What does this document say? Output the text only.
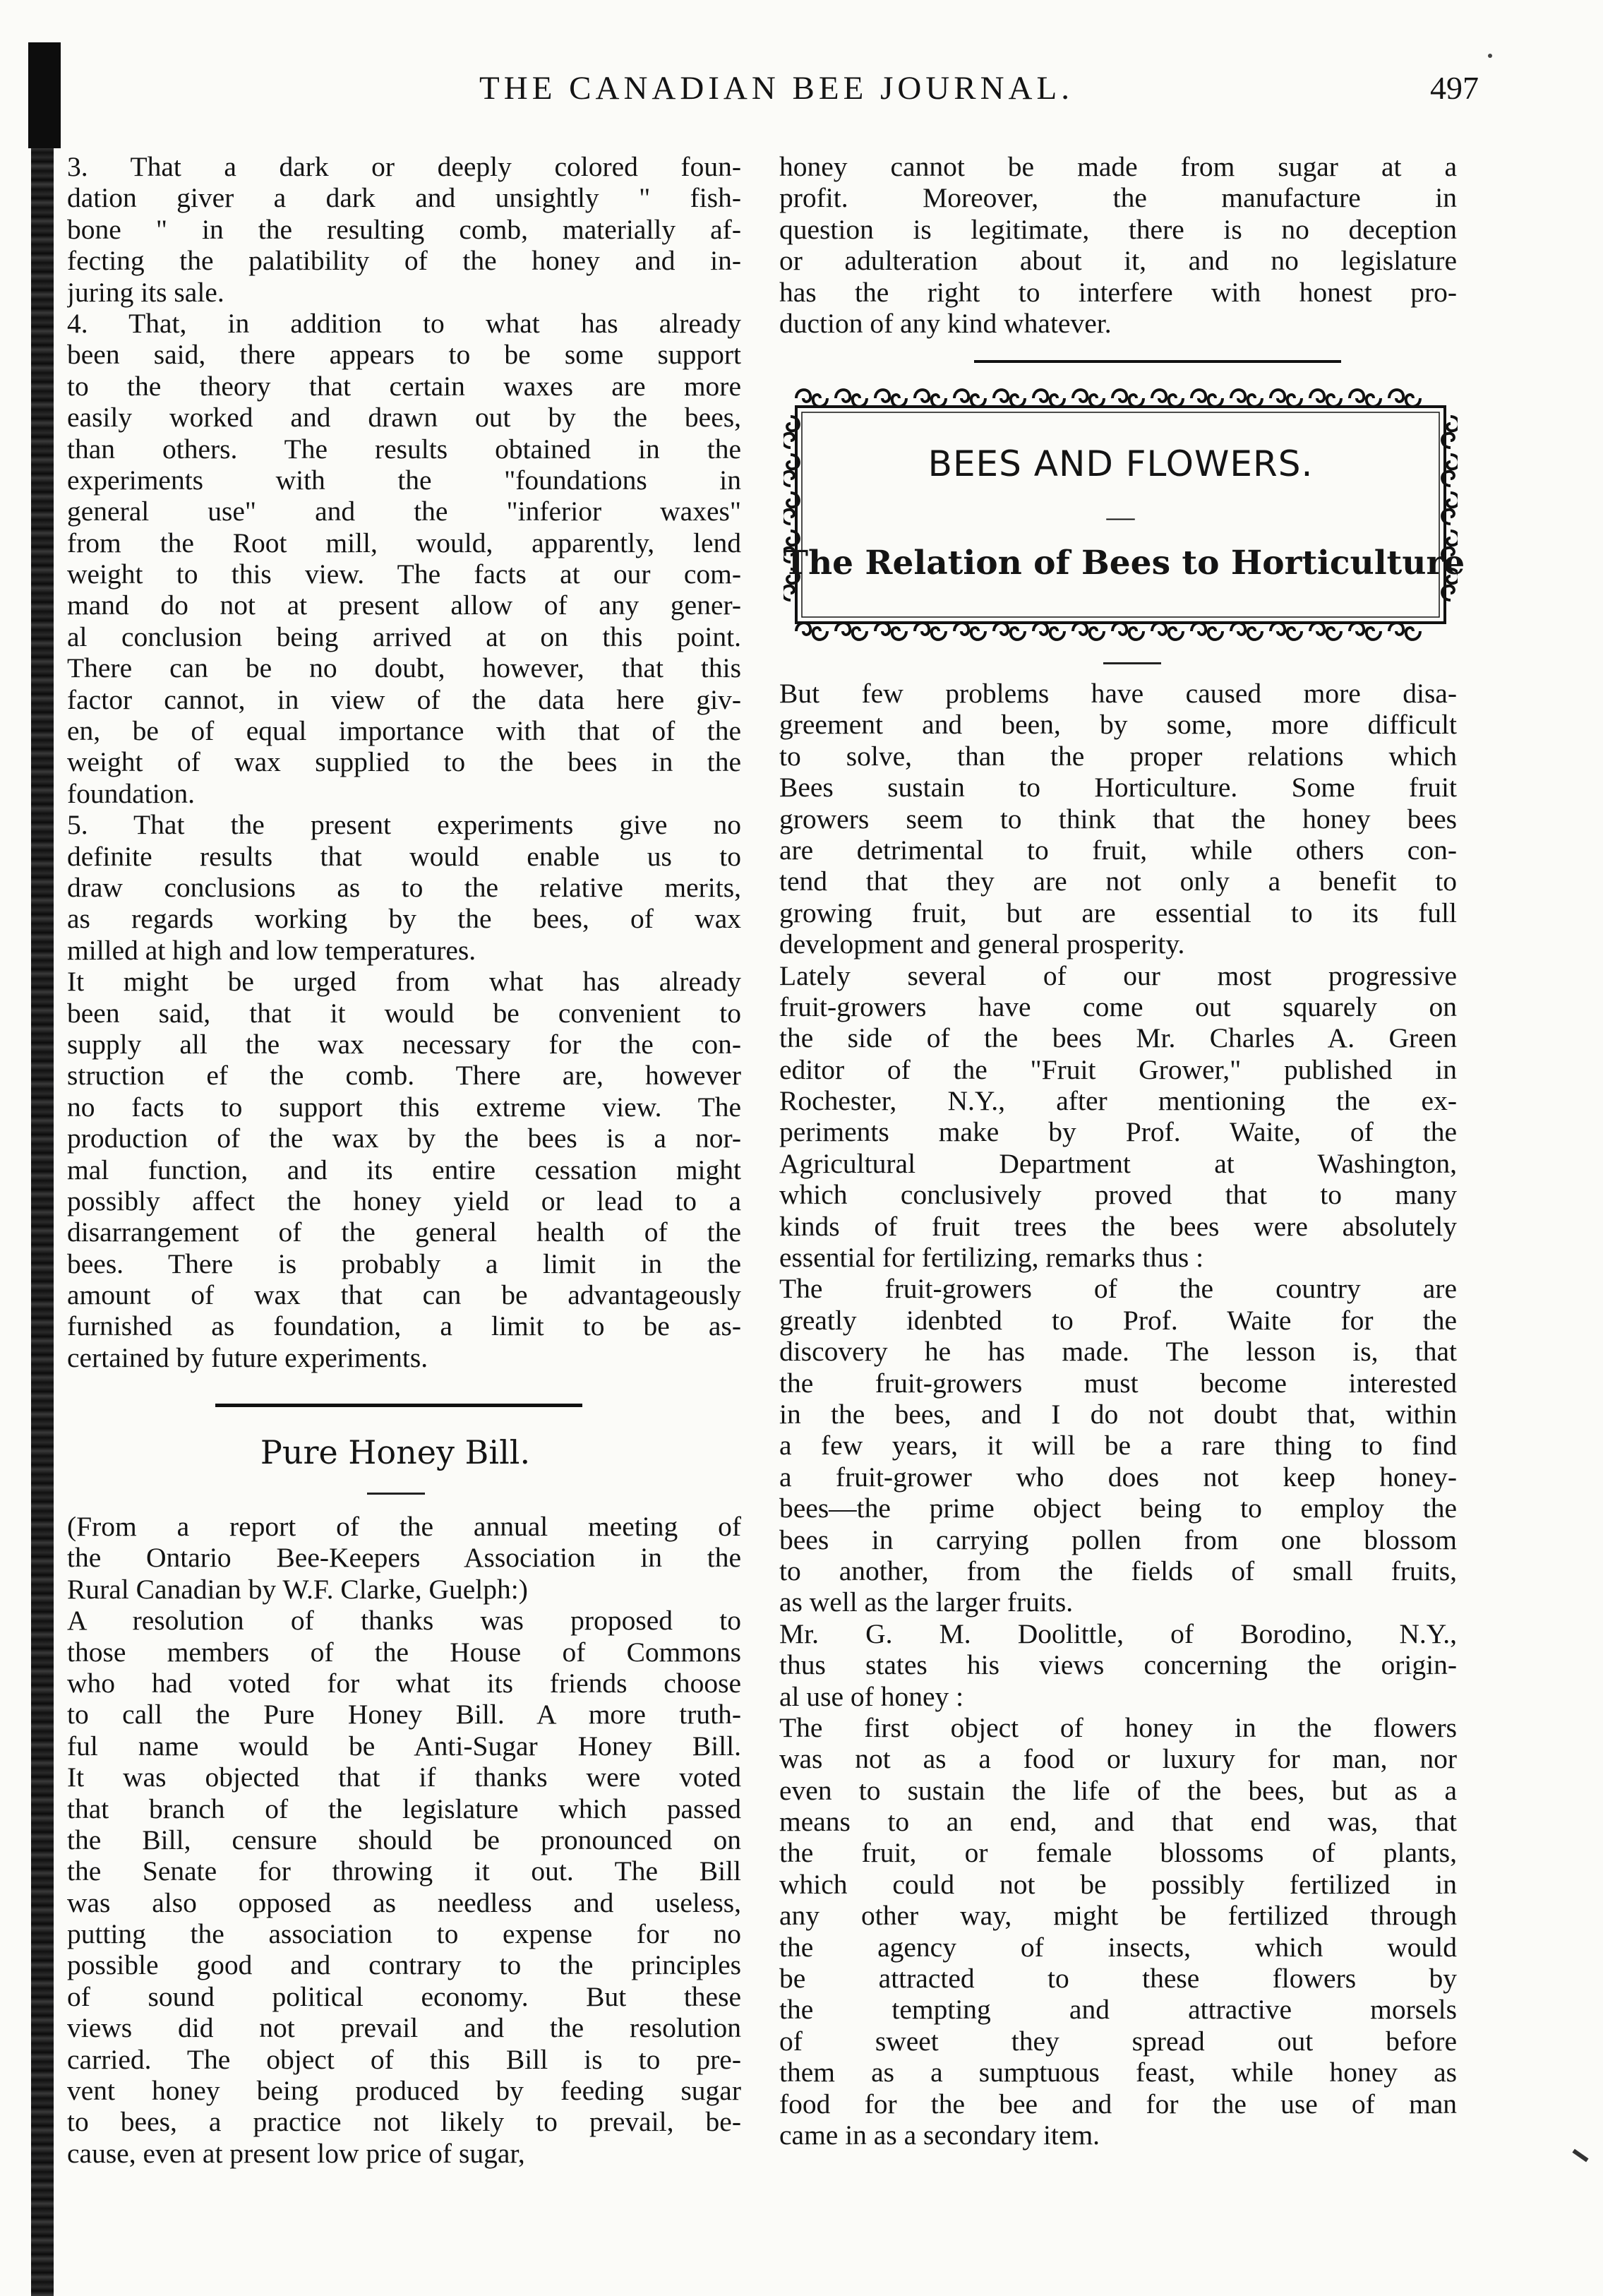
THE CANADIAN BEE JOURNAL.	497
3. That a dark or deeply colored foun-
dation giver a dark and unsightly " fish-
bone " in the resulting comb, materially af-
fecting the palatibility of the honey and in-
juring its sale.
4. That, in addition to what has already
been said, there appears to be some support
to the theory that certain waxes are more
easily worked and drawn out by the bees,
than others. The results obtained in the
experiments with the "foundations in
general use" and the "inferior waxes"
from the Root mill, would, apparently, lend
weight to this view. The facts at our com-
mand do not at present allow of any gener-
al conclusion being arrived at on this point.
There can be no doubt, however, that this
factor cannot, in view of the data here giv-
en, be of equal importance with that of the
weight of wax supplied to the bees in the
foundation.
5. That the present experiments give no
definite results that would enable us to
draw conclusions as to the relative merits,
as regards working by the bees, of wax
milled at high and low temperatures.
It might be urged from what has already
been said, that it would be convenient to
supply all the wax necessary for the con-
struction ef the comb. There are, however
no facts to support this extreme view. The
production of the wax by the bees is a nor-
mal function, and its entire cessation might
possibly affect the honey yield or lead to a
disarrangement of the general health of the
bees. There is probably a limit in the
amount of wax that can be advantageously
furnished as foundation, a limit to be as-
certained by future experiments.
Pure Honey Bill.
(From a report of the annual meeting of
the Ontario Bee-Keepers Association in the
Rural Canadian by W.F. Clarke, Guelph:)
A resolution of thanks was proposed to
those members of the House of Commons
who had voted for what its friends choose
to call the Pure Honey Bill. A more truth-
ful name would be Anti-Sugar Honey Bill.
It was objected that if thanks were voted
that branch of the legislature which passed
the Bill, censure should be pronounced on
the Senate for throwing it out. The Bill
was also opposed as needless and useless,
putting the association to expense for no
possible good and contrary to the principles
of sound political economy. But these
views did not prevail and the resolution
carried. The object of this Bill is to pre-
vent honey being produced by feeding sugar
to bees, a practice not likely to prevail, be-
cause, even at present low price of sugar,
honey cannot be made from sugar at a
profit. Moreover, the manufacture in
question is legitimate, there is no deception
or adulteration about it, and no legislature
has the right to interfere with honest pro-
duction of any kind whatever.
BEES AND FLOWERS.
—
The Relation of Bees to Horticulture
But few problems have caused more disa-
greement and been, by some, more difficult
to solve, than the proper relations which
Bees sustain to Horticulture. Some fruit
growers seem to think that the honey bees
are detrimental to fruit, while others con-
tend that they are not only a benefit to
growing fruit, but are essential to its full
development and general prosperity.
Lately several of our most progressive
fruit-growers have come out squarely on
the side of the bees Mr. Charles A. Green
editor of the "Fruit Grower," published in
Rochester, N.Y., after mentioning the ex-
periments make by Prof. Waite, of the
Agricultural Department at Washington,
which conclusively proved that to many
kinds of fruit trees the bees were absolutely
essential for fertilizing, remarks thus :
The fruit-growers of the country are
greatly idenbted to Prof. Waite for the
discovery he has made. The lesson is, that
the fruit-growers must become interested
in the bees, and I do not doubt that, within
a few years, it will be a rare thing to find
a fruit-grower who does not keep honey-
bees—the prime object being to employ the
bees in carrying pollen from one blossom
to another, from the fields of small fruits,
as well as the larger fruits.
Mr. G. M. Doolittle, of Borodino, N.Y.,
thus states his views concerning the origin-
al use of honey :
The first object of honey in the flowers
was not as a food or luxury for man, nor
even to sustain the life of the bees, but as a
means to an end, and that end was, that
the fruit, or female blossoms of plants,
which could not be possibly fertilized in
any other way, might be fertilized through
the agency of insects, which would
be attracted to these flowers by
the tempting and attractive morsels
of sweet they spread out before
them as a sumptuous feast, while honey as
food for the bee and for the use of man
came in as a secondary item.
